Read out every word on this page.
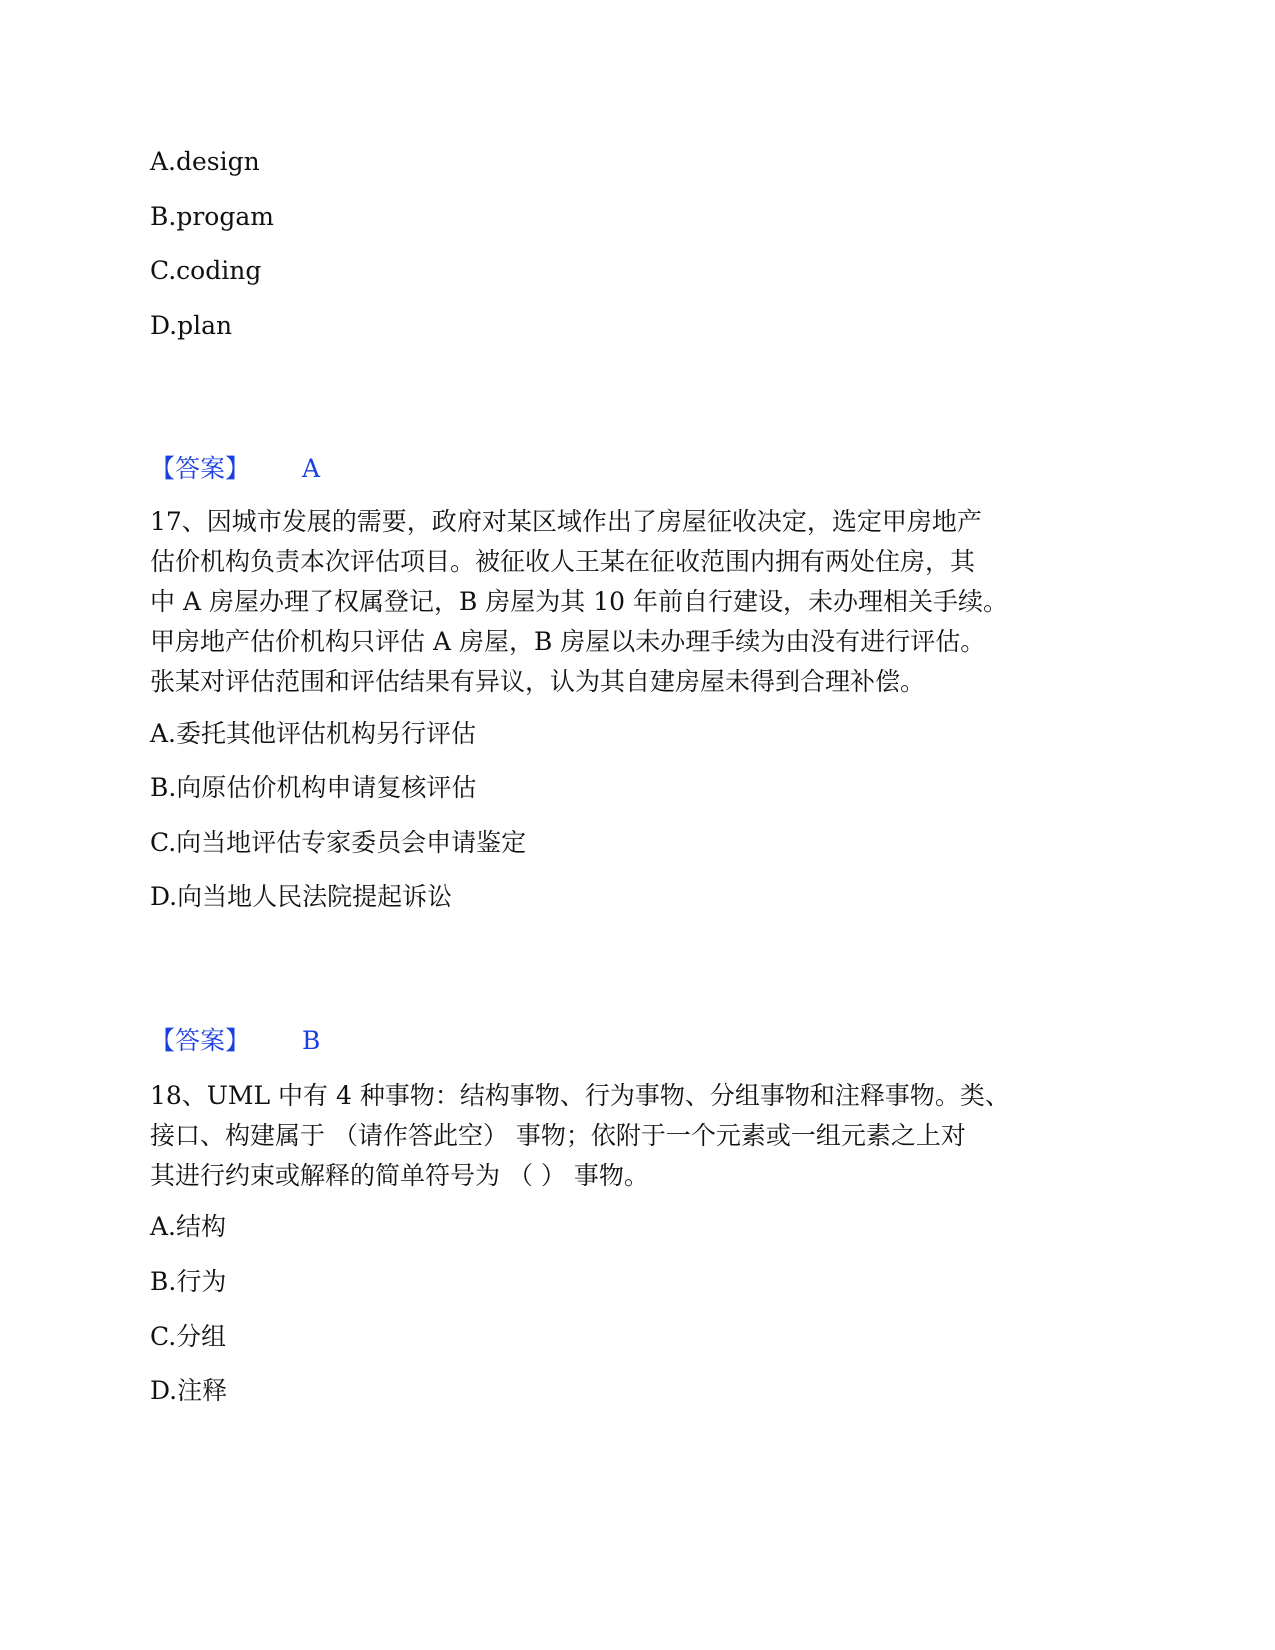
A.design
B.progam
C.coding
D.plan
【答案】 A
17、因城市发展的需要，政府对某区域作出了房屋征收决定，选定甲房地产
估价机构负责本次评估项目。被征收人王某在征收范围内拥有两处住房，其
中 A 房屋办理了权属登记，B 房屋为其 10 年前自行建设，未办理相关手续。
甲房地产估价机构只评估 A 房屋，B 房屋以未办理手续为由没有进行评估。
张某对评估范围和评估结果有异议，认为其自建房屋未得到合理补偿。
A.委托其他评估机构另行评估
B.向原估价机构申请复核评估
C.向当地评估专家委员会申请鉴定
D.向当地人民法院提起诉讼
【答案】 B
18、UML 中有 4 种事物：结构事物、行为事物、分组事物和注释事物。类、
接口、构建属于 （请作答此空） 事物；依附于一个元素或一组元素之上对
其进行约束或解释的简单符号为 （ ） 事物。
A.结构
B.行为
C.分组
D.注释
